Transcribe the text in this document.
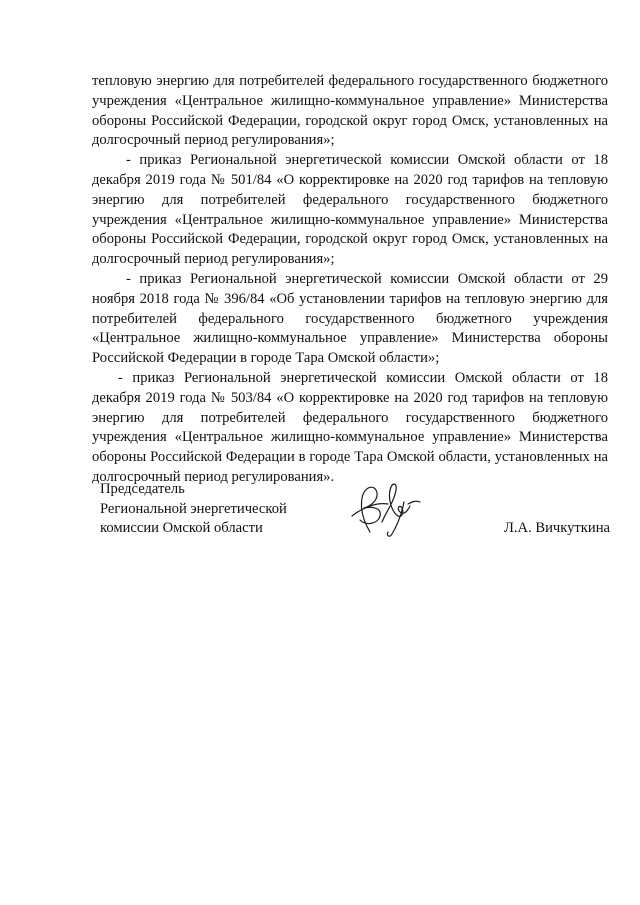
тепловую энергию для потребителей федерального государственного бюджетного учреждения «Центральное жилищно-коммунальное управление» Министерства обороны Российской Федерации, городской округ город Омск, установленных на долгосрочный период регулирования»;

- приказ Региональной энергетической комиссии Омской области от 18 декабря 2019 года № 501/84 «О корректировке на 2020 год тарифов на тепловую энергию для потребителей федерального государственного бюджетного учреждения «Центральное жилищно-коммунальное управление» Министерства обороны Российской Федерации, городской округ город Омск, установленных на долгосрочный период регулирования»;

- приказ Региональной энергетической комиссии Омской области от 29 ноября 2018 года № 396/84 «Об установлении тарифов на тепловую энергию для потребителей федерального государственного бюджетного учреждения «Центральное жилищно-коммунальное управление» Министерства обороны Российской Федерации в городе Тара Омской области»;

- приказ Региональной энергетической комиссии Омской области от 18 декабря 2019 года № 503/84 «О корректировке на 2020 год тарифов на тепловую энергию для потребителей федерального государственного бюджетного учреждения «Центральное жилищно-коммунальное управление» Министерства обороны Российской Федерации в городе Тара Омской области, установленных на долгосрочный период регулирования».

Председатель
Региональной энергетической
комиссии Омской области	Л.А. Вичкуткина
